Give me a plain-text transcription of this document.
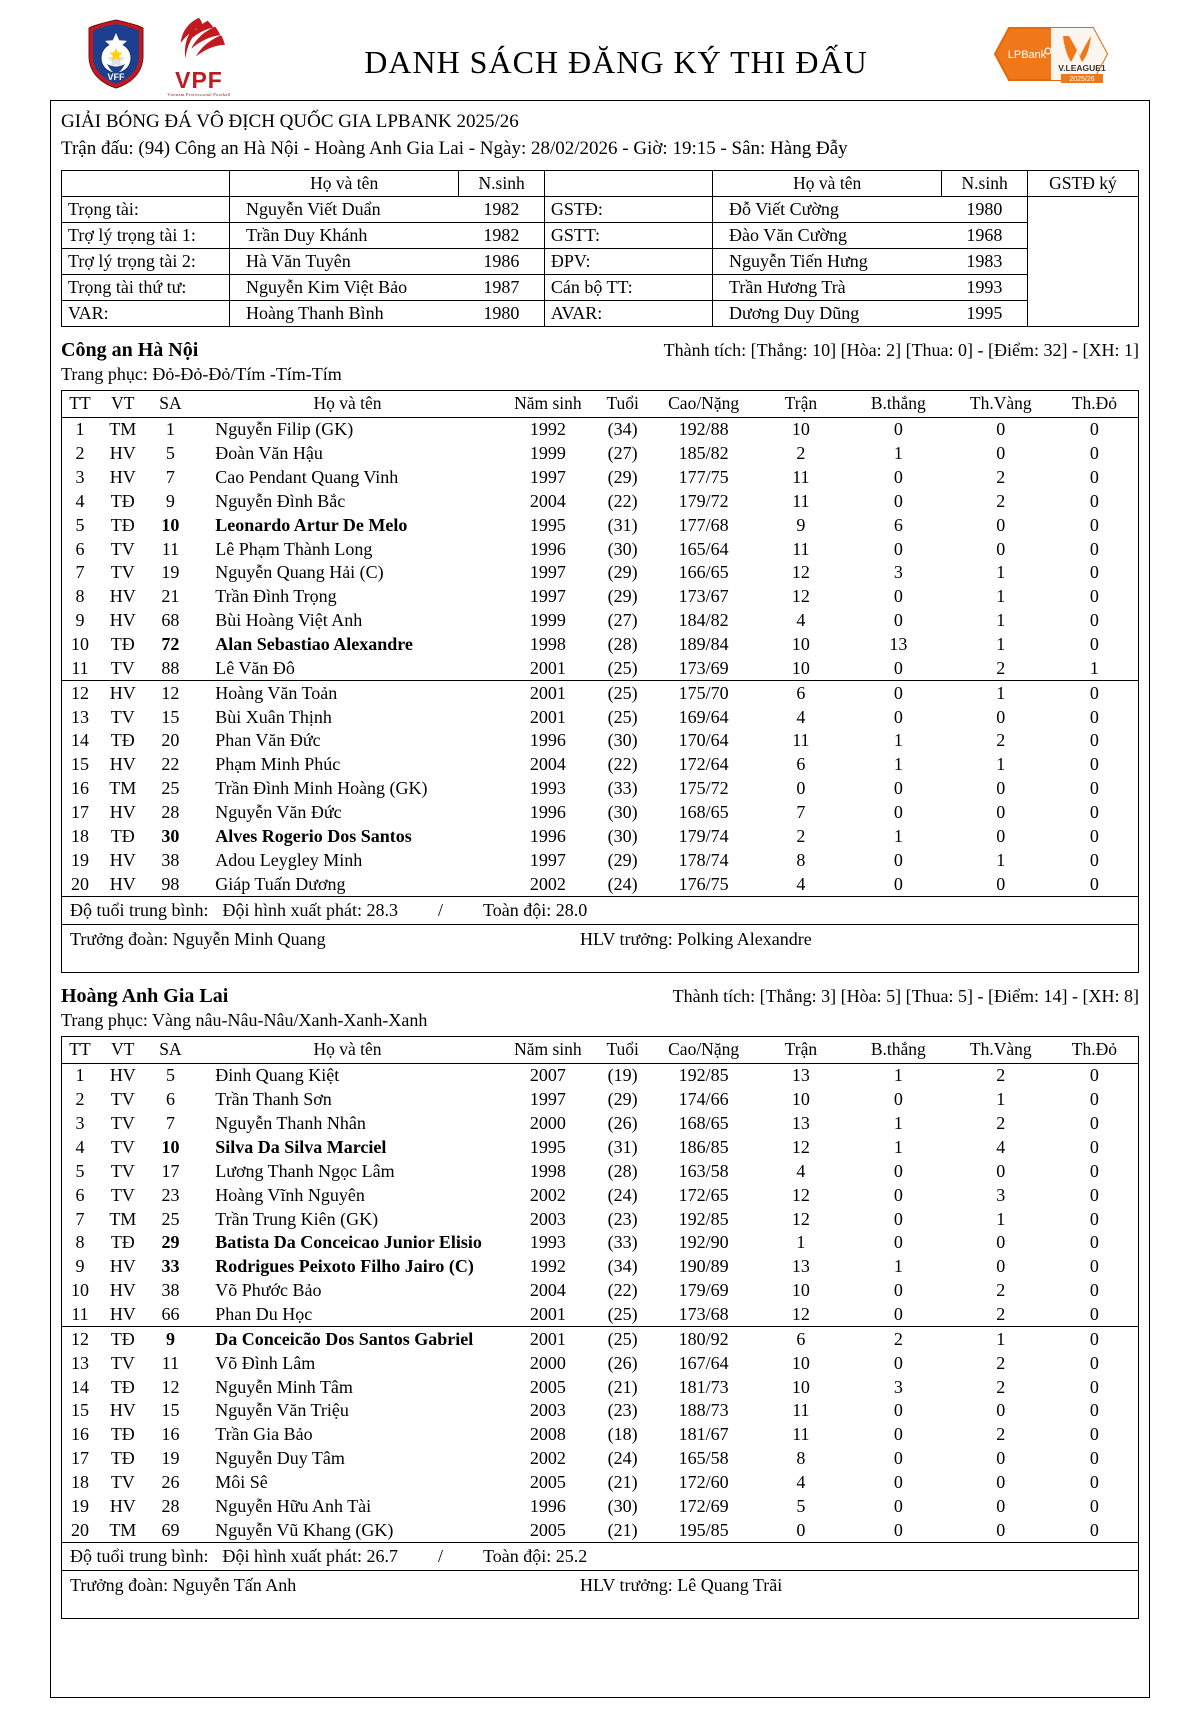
VFF	VPF
Vietnam Professional Football
DANH SÁCH ĐĂNG KÝ THI ĐẤU	LPBank
V.LEAGUE1
2025/26
GIẢI BÓNG ĐÁ VÔ ĐỊCH QUỐC GIA LPBANK 2025/26
Trận đấu: (94) Công an Hà Nội - Hoàng Anh Gia Lai - Ngày: 28/02/2026 - Giờ: 19:15 - Sân: Hàng Đẫy
	Họ và tên	N.sinh		Họ và tên	N.sinh	GSTĐ ký
Trọng tài:	Nguyễn Viết Duẩn	1982	GSTĐ:	Đỗ Viết Cường	1980	
Trợ lý trọng tài 1:	Trần Duy Khánh	1982	GSTT:	Đào Văn Cường	1968	
Trợ lý trọng tài 2:	Hà Văn Tuyên	1986	ĐPV:	Nguyễn Tiến Hưng	1983	
Trọng tài thứ tư:	Nguyễn Kim Việt Bảo	1987	Cán bộ TT:	Trần Hương Trà	1993	
VAR:	Hoàng Thanh Bình	1980	AVAR:	Dương Duy Dũng	1995	
Công an Hà Nội	Thành tích: [Thắng: 10] [Hòa: 2] [Thua: 0] - [Điểm: 32] - [XH: 1]
Trang phục: Đỏ-Đỏ-Đỏ/Tím -Tím-Tím
TT	VT	SA	Họ và tên	Năm sinh	Tuổi	Cao/Nặng	Trận	B.thắng	Th.Vàng	Th.Đỏ
1	TM	1	Nguyễn Filip (GK)	1992	(34)	192/88	10	0	0	0
2	HV	5	Đoàn Văn Hậu	1999	(27)	185/82	2	1	0	0
3	HV	7	Cao Pendant Quang Vinh	1997	(29)	177/75	11	0	2	0
4	TĐ	9	Nguyễn Đình Bắc	2004	(22)	179/72	11	0	2	0
5	TĐ	10	Leonardo Artur De Melo	1995	(31)	177/68	9	6	0	0
6	TV	11	Lê Phạm Thành Long	1996	(30)	165/64	11	0	0	0
7	TV	19	Nguyễn Quang Hải (C)	1997	(29)	166/65	12	3	1	0
8	HV	21	Trần Đình Trọng	1997	(29)	173/67	12	0	1	0
9	HV	68	Bùi Hoàng Việt Anh	1999	(27)	184/82	4	0	1	0
10	TĐ	72	Alan Sebastiao Alexandre	1998	(28)	189/84	10	13	1	0
11	TV	88	Lê Văn Đô	2001	(25)	173/69	10	0	2	1
12	HV	12	Hoàng Văn Toản	2001	(25)	175/70	6	0	1	0
13	TV	15	Bùi Xuân Thịnh	2001	(25)	169/64	4	0	0	0
14	TĐ	20	Phan Văn Đức	1996	(30)	170/64	11	1	2	0
15	HV	22	Phạm Minh Phúc	2004	(22)	172/64	6	1	1	0
16	TM	25	Trần Đình Minh Hoàng (GK)	1993	(33)	175/72	0	0	0	0
17	HV	28	Nguyễn Văn Đức	1996	(30)	168/65	7	0	0	0
18	TĐ	30	Alves Rogerio Dos Santos	1996	(30)	179/74	2	1	0	0
19	HV	38	Adou Leygley Minh	1997	(29)	178/74	8	0	1	0
20	HV	98	Giáp Tuấn Dương	2002	(24)	176/75	4	0	0	0
Độ tuổi trung bình: Đội hình xuất phát: 28.3	/	Toàn đội: 28.0
Trưởng đoàn: Nguyễn Minh Quang	HLV trưởng: Polking Alexandre
Hoàng Anh Gia Lai	Thành tích: [Thắng: 3] [Hòa: 5] [Thua: 5] - [Điểm: 14] - [XH: 8]
Trang phục: Vàng nâu-Nâu-Nâu/Xanh-Xanh-Xanh
TT	VT	SA	Họ và tên	Năm sinh	Tuổi	Cao/Nặng	Trận	B.thắng	Th.Vàng	Th.Đỏ
1	HV	5	Đinh Quang Kiệt	2007	(19)	192/85	13	1	2	0
2	TV	6	Trần Thanh Sơn	1997	(29)	174/66	10	0	1	0
3	TV	7	Nguyễn Thanh Nhân	2000	(26)	168/65	13	1	2	0
4	TV	10	Silva Da Silva Marciel	1995	(31)	186/85	12	1	4	0
5	TV	17	Lương Thanh Ngọc Lâm	1998	(28)	163/58	4	0	0	0
6	TV	23	Hoàng Vĩnh Nguyên	2002	(24)	172/65	12	0	3	0
7	TM	25	Trần Trung Kiên (GK)	2003	(23)	192/85	12	0	1	0
8	TĐ	29	Batista Da Conceicao Junior Elisio	1993	(33)	192/90	1	0	0	0
9	HV	33	Rodrigues Peixoto Filho Jairo (C)	1992	(34)	190/89	13	1	0	0
10	HV	38	Võ Phước Bảo	2004	(22)	179/69	10	0	2	0
11	HV	66	Phan Du Học	2001	(25)	173/68	12	0	2	0
12	TĐ	9	Da Conceicão Dos Santos Gabriel	2001	(25)	180/92	6	2	1	0
13	TV	11	Võ Đình Lâm	2000	(26)	167/64	10	0	2	0
14	TĐ	12	Nguyễn Minh Tâm	2005	(21)	181/73	10	3	2	0
15	HV	15	Nguyễn Văn Triệu	2003	(23)	188/73	11	0	0	0
16	TĐ	16	Trần Gia Bảo	2008	(18)	181/67	11	0	2	0
17	TĐ	19	Nguyễn Duy Tâm	2002	(24)	165/58	8	0	0	0
18	TV	26	Môi Sê	2005	(21)	172/60	4	0	0	0
19	HV	28	Nguyễn Hữu Anh Tài	1996	(30)	172/69	5	0	0	0
20	TM	69	Nguyễn Vũ Khang (GK)	2005	(21)	195/85	0	0	0	0
Độ tuổi trung bình: Đội hình xuất phát: 26.7	/	Toàn đội: 25.2
Trưởng đoàn: Nguyễn Tấn Anh	HLV trưởng: Lê Quang Trãi
